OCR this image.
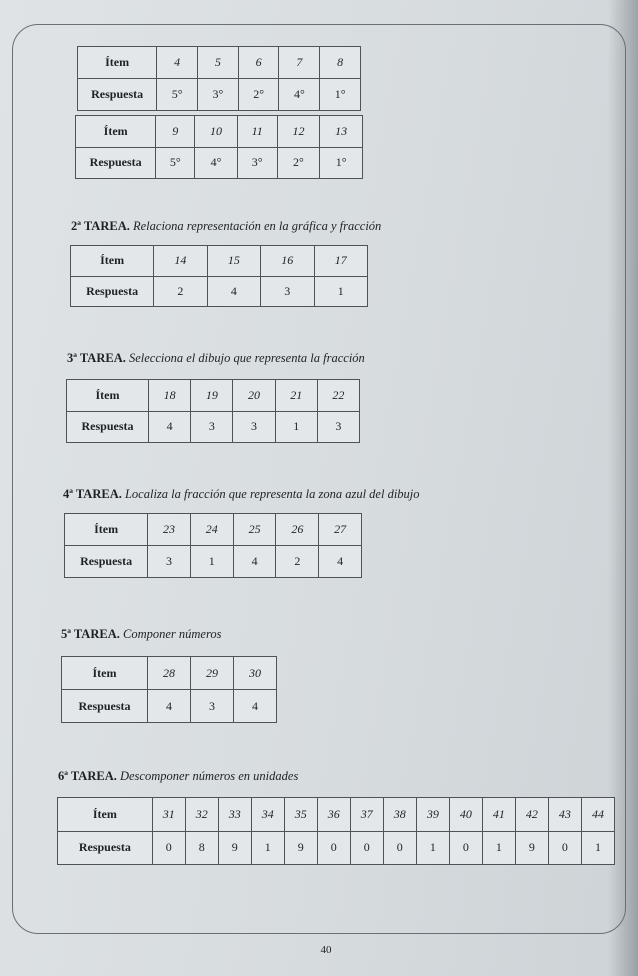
Ítem	4	5	6	7	8
Respuesta	5°	3°	2°	4°	1°
Ítem	9	10	11	12	13
Respuesta	5°	4°	3°	2°	1°
2ª TAREA. Relaciona representación en la gráfica y fracción
Ítem	14	15	16	17
Respuesta	2	4	3	1
3ª TAREA. Selecciona el dibujo que representa la fracción
Ítem	18	19	20	21	22
Respuesta	4	3	3	1	3
4ª TAREA. Localiza la fracción que representa la zona azul del dibujo
Ítem	23	24	25	26	27
Respuesta	3	1	4	2	4
5ª TAREA. Componer números
Ítem	28	29	30
Respuesta	4	3	4
6ª TAREA. Descomponer números en unidades
Ítem	31	32	33	34	35	36	37	38	39	40	41	42	43	44
Respuesta	0	8	9	1	9	0	0	0	1	0	1	9	0	1
40
